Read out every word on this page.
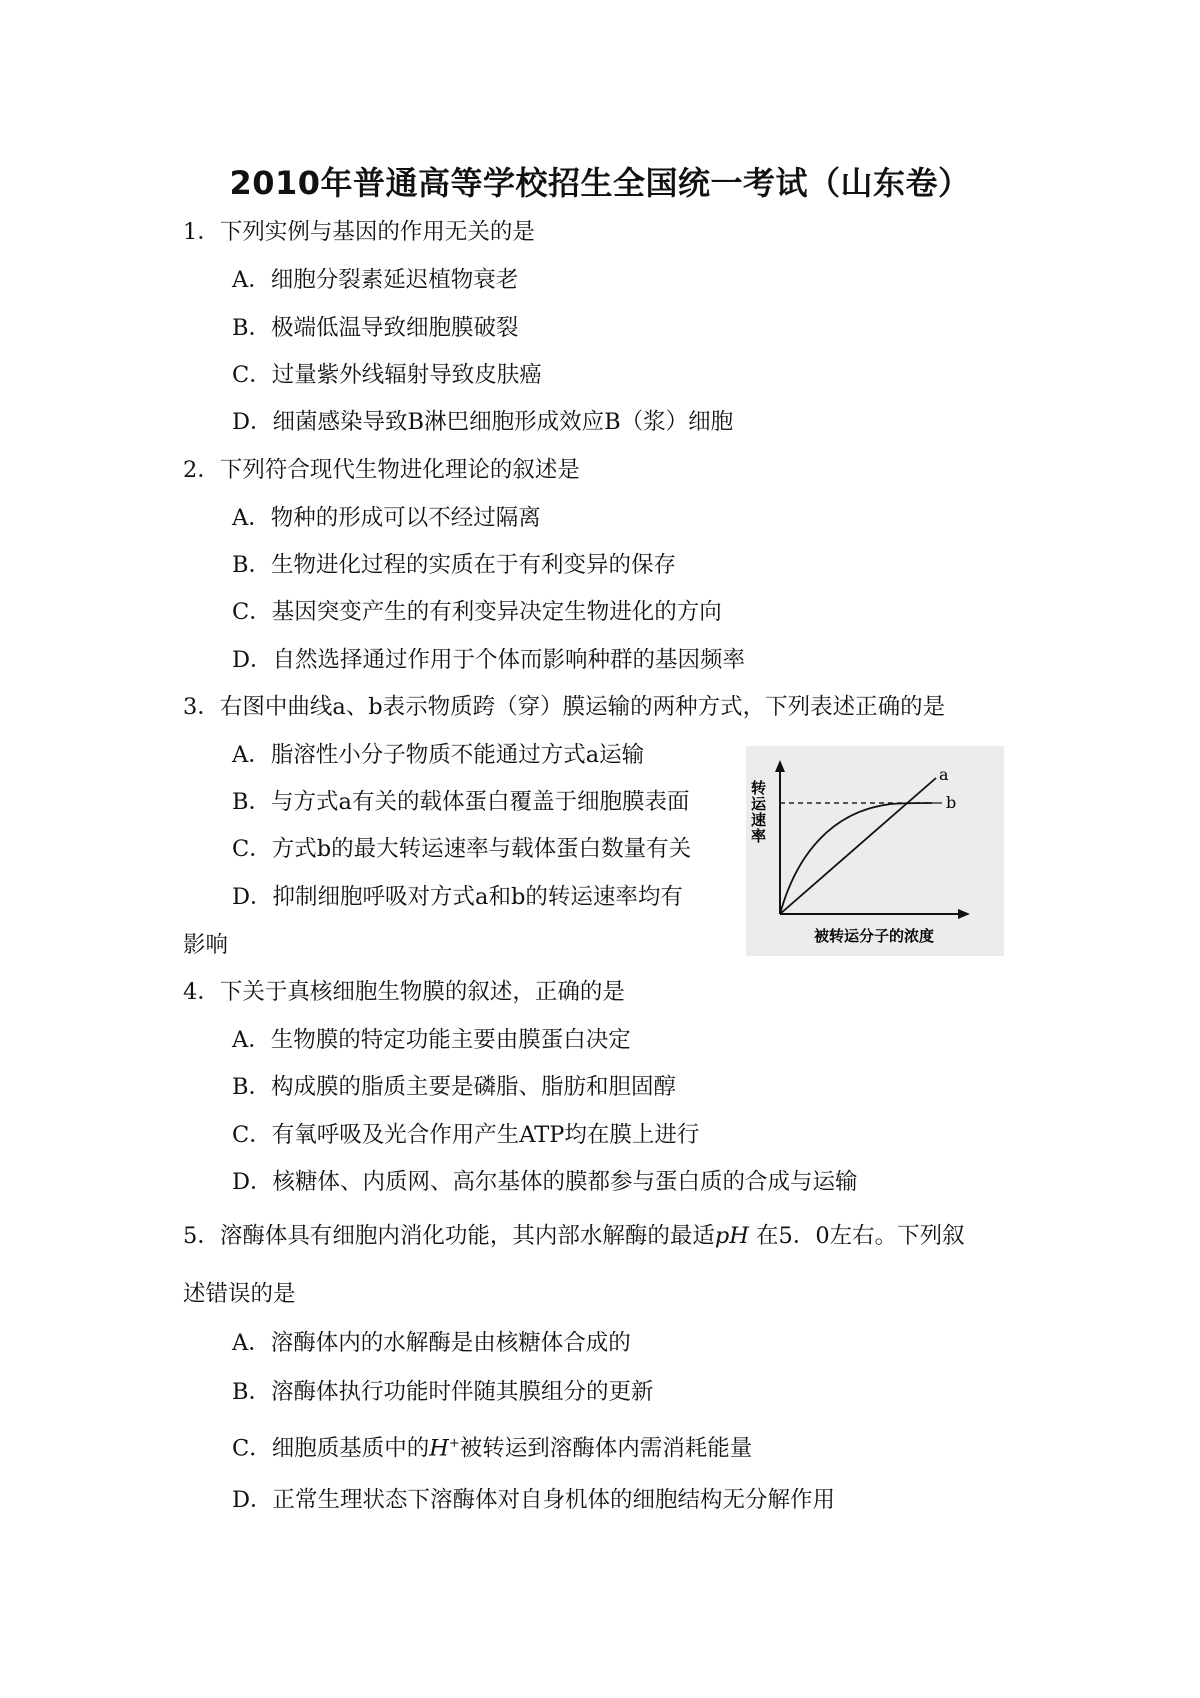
2010年普通高等学校招生全国统一考试（山东卷）
1．下列实例与基因的作用无关的是
A．细胞分裂素延迟植物衰老
B．极端低温导致细胞膜破裂
C．过量紫外线辐射导致皮肤癌
D．细菌感染导致B淋巴细胞形成效应B（浆）细胞
2．下列符合现代生物进化理论的叙述是
A．物种的形成可以不经过隔离
B．生物进化过程的实质在于有利变异的保存
C．基因突变产生的有利变异决定生物进化的方向
D．自然选择通过作用于个体而影响种群的基因频率
3．右图中曲线a、b表示物质跨（穿）膜运输的两种方式，下列表述正确的是
A．脂溶性小分子物质不能通过方式a运输
B．与方式a有关的载体蛋白覆盖于细胞膜表面
C．方式b的最大转运速率与载体蛋白数量有关
D．抑制细胞呼吸对方式a和b的转运速率均有
影响
a
b
转运速率
被转运分子的浓度
4．下关于真核细胞生物膜的叙述，正确的是
A．生物膜的特定功能主要由膜蛋白决定
B．构成膜的脂质主要是磷脂、脂肪和胆固醇
C．有氧呼吸及光合作用产生ATP均在膜上进行
D．核糖体、内质网、高尔基体的膜都参与蛋白质的合成与运输
5．溶酶体具有细胞内消化功能，其内部水解酶的最适pH 在5．0左右。下列叙
述错误的是
A．溶酶体内的水解酶是由核糖体合成的
B．溶酶体执行功能时伴随其膜组分的更新
C．细胞质基质中的H+被转运到溶酶体内需消耗能量
D．正常生理状态下溶酶体对自身机体的细胞结构无分解作用
